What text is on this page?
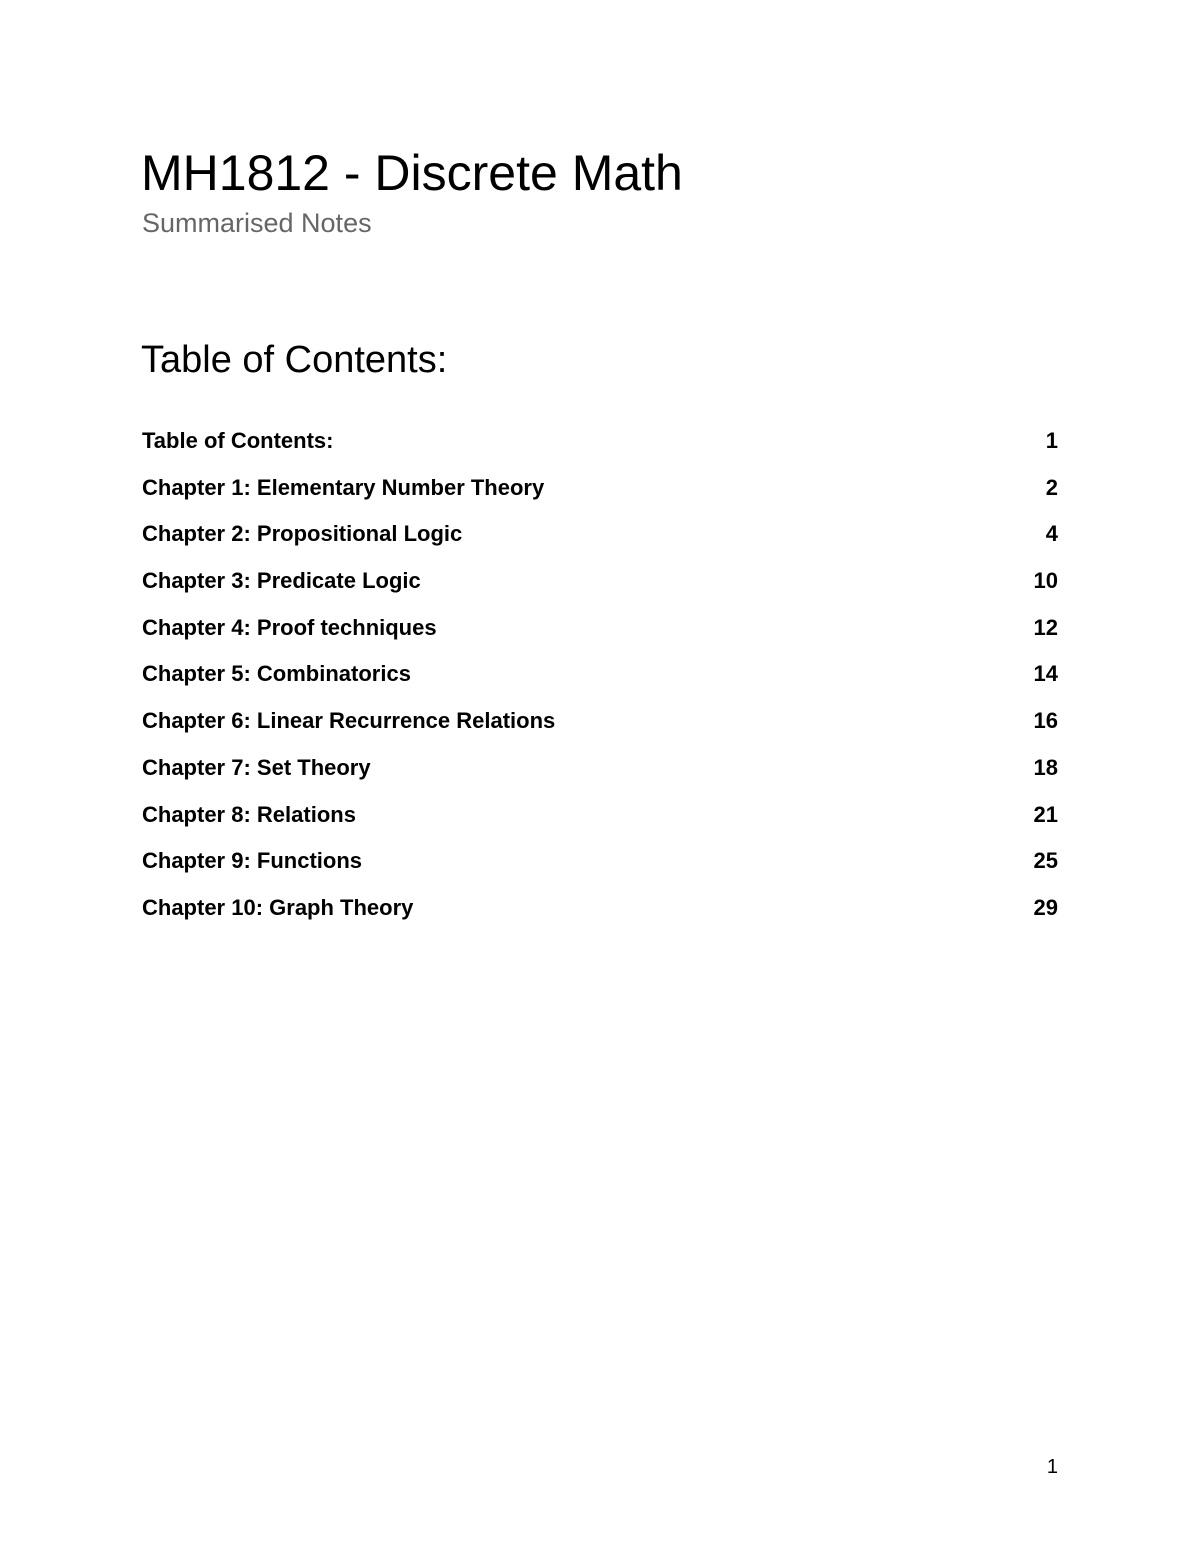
MH1812 - Discrete Math

Summarised Notes

Table of Contents:
Table of Contents:	1
Chapter 1: Elementary Number Theory	2
Chapter 2: Propositional Logic	4
Chapter 3: Predicate Logic	10
Chapter 4: Proof techniques	12
Chapter 5: Combinatorics	14
Chapter 6: Linear Recurrence Relations	16
Chapter 7: Set Theory	18
Chapter 8: Relations	21
Chapter 9: Functions	25
Chapter 10: Graph Theory	29
1
